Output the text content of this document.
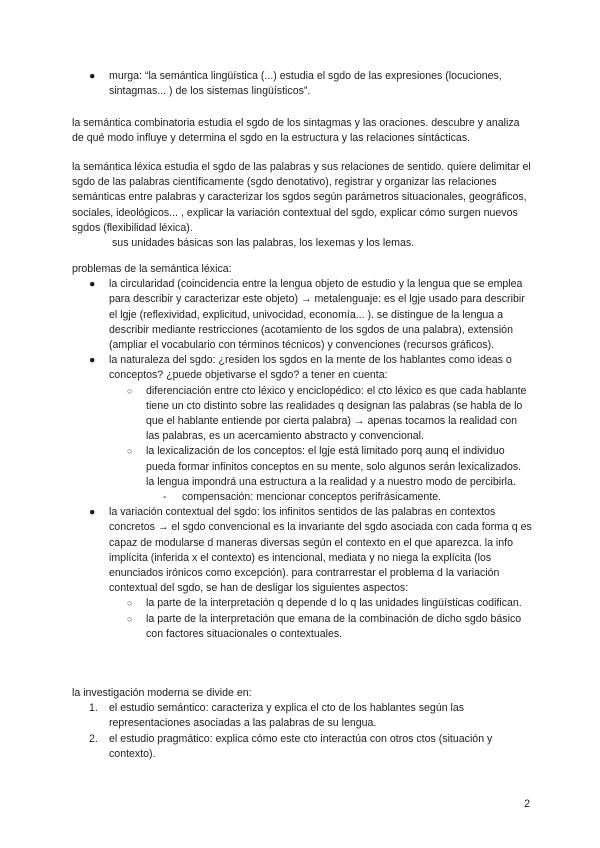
● murga: “la semántica lingüística (...) estudia el sgdo de las expresiones (locuciones, sintagmas... ) de los sistemas lingüísticos”.

la semántica combinatoria estudia el sgdo de los sintagmas y las oraciones. descubre y analiza de qué modo influye y determina el sgdo en la estructura y las relaciones sintácticas.

la semántica léxica estudia el sgdo de las palabras y sus relaciones de sentido. quiere delimitar el sgdo de las palabras científicamente (sgdo denotativo), registrar y organizar las relaciones semánticas entre palabras y caracterizar los sgdos según parámetros situacionales, geográficos, sociales, ideológicos... , explicar la variación contextual del sgdo, explicar cómo surgen nuevos sgdos (flexibilidad léxica).

sus unidades básicas son las palabras, los lexemas y los lemas.

problemas de la semántica léxica:

● la circularidad (coincidencia entre la lengua objeto de estudio y la lengua que se emplea para describir y caracterizar este objeto) → metalenguaje: es el lgje usado para describir el lgje (reflexividad, explicitud, univocidad, economía... ). se distingue de la lengua a describir mediante restricciones (acotamiento de los sgdos de una palabra), extensión (ampliar el vocabulario con términos técnicos) y convenciones (recursos gráficos).
● la naturaleza del sgdo: ¿residen los sgdos en la mente de los hablantes como ideas o conceptos? ¿puede objetivarse el sgdo? a tener en cuenta:
○ diferenciación entre cto léxico y enciclopédico: el cto léxico es que cada hablante tiene un cto distinto sobre las realidades q designan las palabras (se habla de lo que el hablante entiende por cierta palabra) → apenas tocamos la realidad con las palabras, es un acercamiento abstracto y convencional.
○ la lexicalización de los conceptos: el lgje está limitado porq aunq el individuo pueda formar infinitos conceptos en su mente, solo algunos serán lexicalizados. la lengua impondrá una estructura a la realidad y a nuestro modo de percibirla.
- compensación: mencionar conceptos perifrásicamente.
● la variación contextual del sgdo: los infinitos sentidos de las palabras en contextos concretos → el sgdo convencional es la invariante del sgdo asociada con cada forma q es capaz de modularse d maneras diversas según el contexto en el que aparezca. la info implícita (inferida x el contexto) es intencional, mediata y no niega la explícita (los enunciados irónicos como excepción). para contrarrestar el problema d la variación contextual del sgdo, se han de desligar los siguientes aspectos:
○ la parte de la interpretación q depende d lo q las unidades lingüísticas codifican.
○ la parte de la interpretación que emana de la combinación de dicho sgdo básico con factores situacionales o contextuales.

la investigación moderna se divide en:

1. el estudio semántico: caracteriza y explica el cto de los hablantes según las representaciones asociadas a las palabras de su lengua.
2. el estudio pragmático: explica cómo este cto interactúa con otros ctos (situación y contexto).
2
